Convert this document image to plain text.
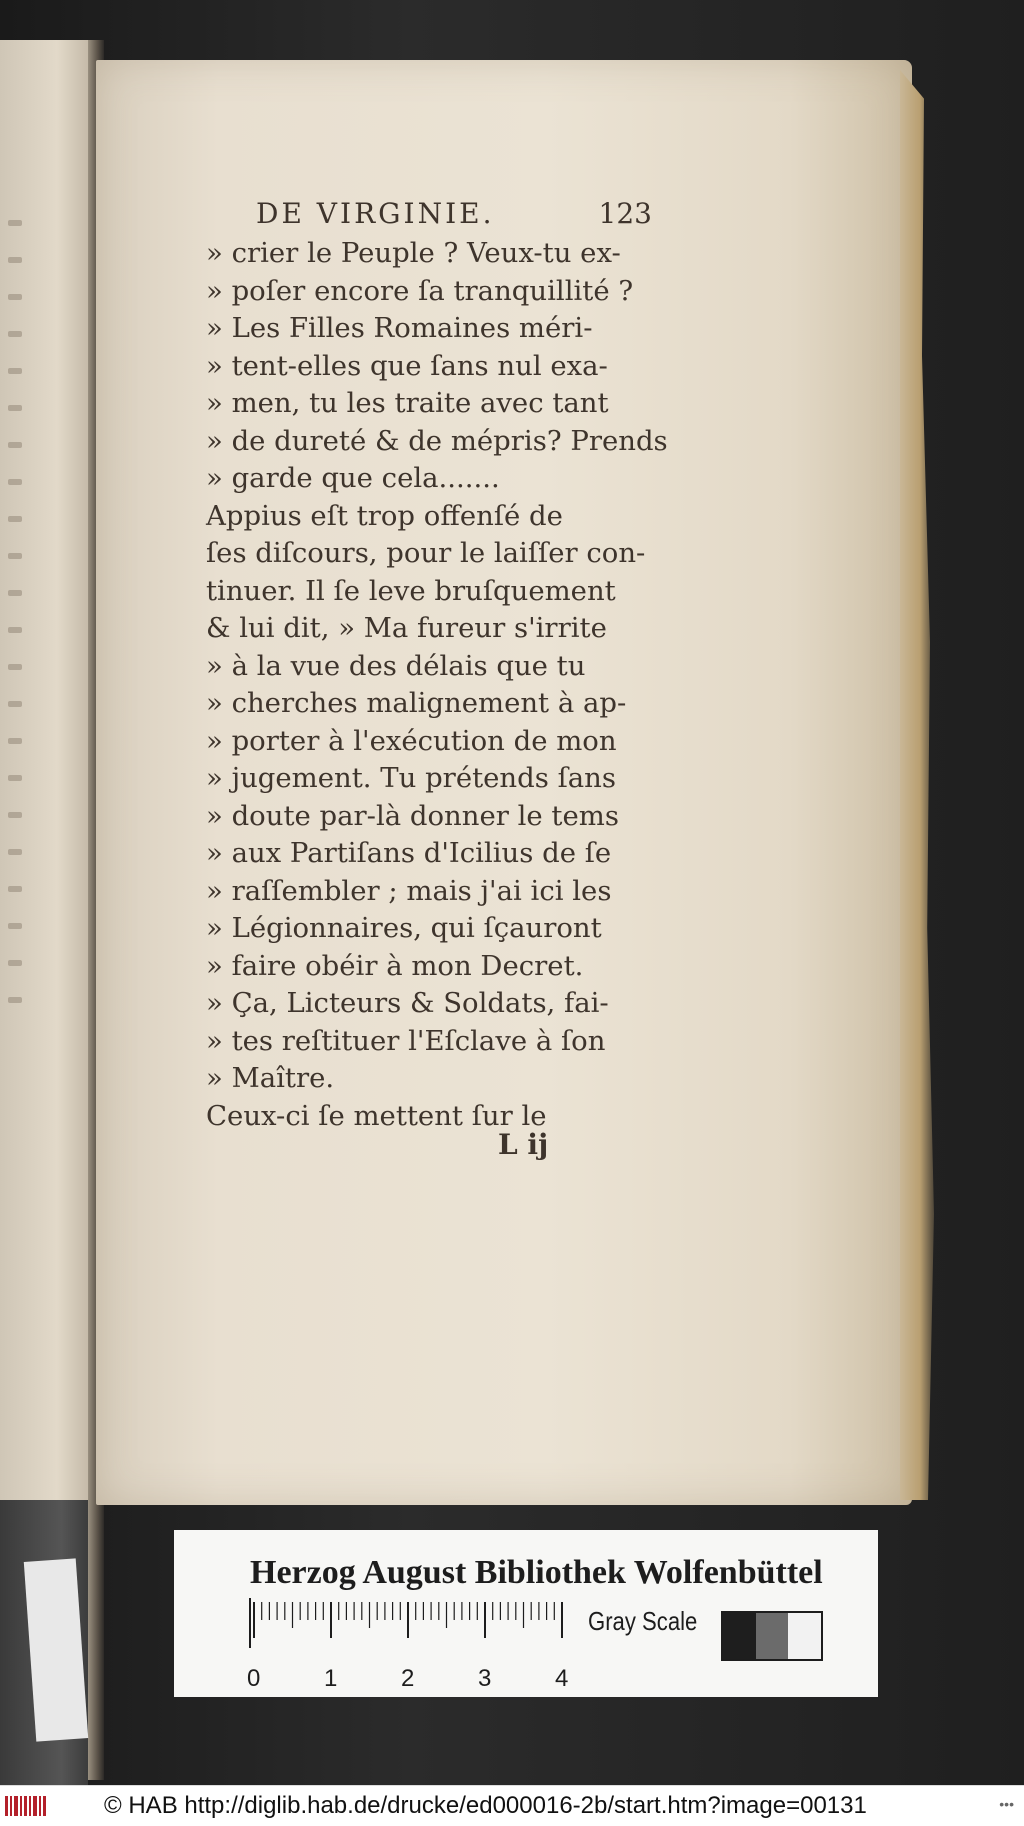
DE VIRGINIE.	123
» crier le Peuple ? Veux-tu ex-
» poſer encore ſa tranquillité ?
» Les Filles Romaines méri-
» tent-elles que ſans nul exa-
» men, tu les traite avec tant
» de dureté & de mépris? Prends
» garde que cela.......
Appius eſt trop offenſé de
ſes diſcours, pour le laiſſer con-
tinuer. Il ſe leve bruſquement
& lui dit, » Ma fureur s'irrite
» à la vue des délais que tu
» cherches malignement à ap-
» porter à l'exécution de mon
» jugement. Tu prétends ſans
» doute par-là donner le tems
» aux Partiſans d'Icilius de ſe
» raſſembler ; mais j'ai ici les
» Légionnaires, qui ſçauront
» faire obéir à mon Decret.
» Ça, Licteurs & Soldats, fai-
» tes reſtituer l'Eſclave à ſon
» Maître.
Ceux-ci ſe mettent ſur le
L ij
Herzog August Bibliothek Wolfenbüttel
0	1	2	3	4
Gray Scale
© HAB http://diglib.hab.de/drucke/ed000016-2b/start.htm?image=00131	•••
